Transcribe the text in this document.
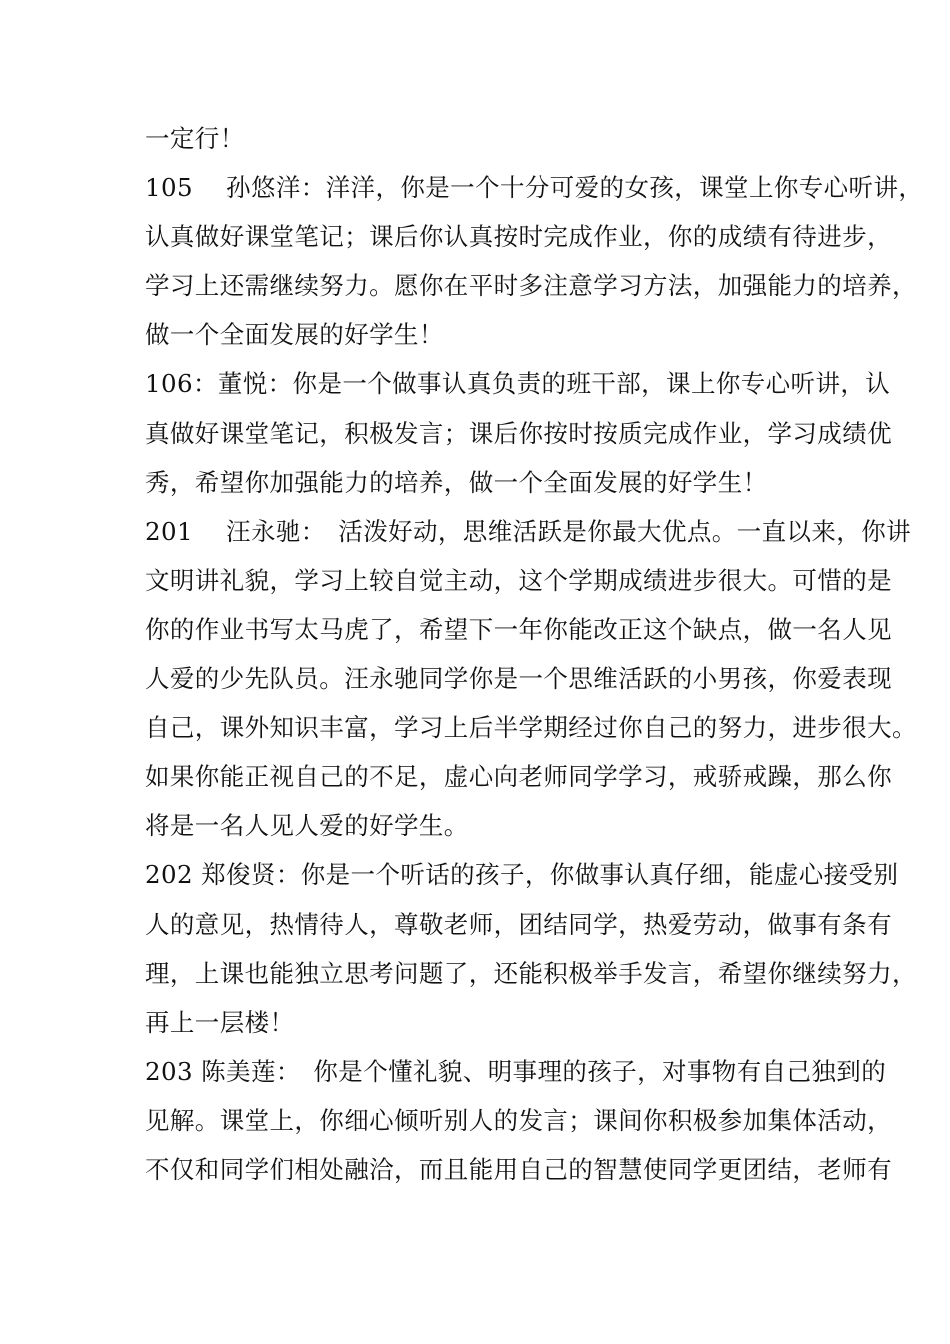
一定行！
105　 孙悠洋：洋洋，你是一个十分可爱的女孩，课堂上你专心听讲，
认真做好课堂笔记；课后你认真按时完成作业，你的成绩有待进步，
学习上还需继续努力。愿你在平时多注意学习方法，加强能力的培养，
做一个全面发展的好学生！
106：董悦：你是一个做事认真负责的班干部，课上你专心听讲，认
真做好课堂笔记，积极发言；课后你按时按质完成作业，学习成绩优
秀，希望你加强能力的培养，做一个全面发展的好学生！
201　 汪永驰：　活泼好动，思维活跃是你最大优点。一直以来，你讲
文明讲礼貌，学习上较自觉主动，这个学期成绩进步很大。可惜的是
你的作业书写太马虎了，希望下一年你能改正这个缺点，做一名人见
人爱的少先队员。汪永驰同学你是一个思维活跃的小男孩，你爱表现
自己，课外知识丰富，学习上后半学期经过你自己的努力，进步很大。
如果你能正视自己的不足，虚心向老师同学学习，戒骄戒躁，那么你
将是一名人见人爱的好学生。
202 郑俊贤：你是一个听话的孩子，你做事认真仔细，能虚心接受别
人的意见，热情待人，尊敬老师，团结同学，热爱劳动，做事有条有
理，上课也能独立思考问题了，还能积极举手发言，希望你继续努力，
再上一层楼！
203 陈美莲：　你是个懂礼貌、明事理的孩子，对事物有自己独到的
见解。课堂上，你细心倾听别人的发言；课间你积极参加集体活动，
不仅和同学们相处融洽，而且能用自己的智慧使同学更团结，老师有
